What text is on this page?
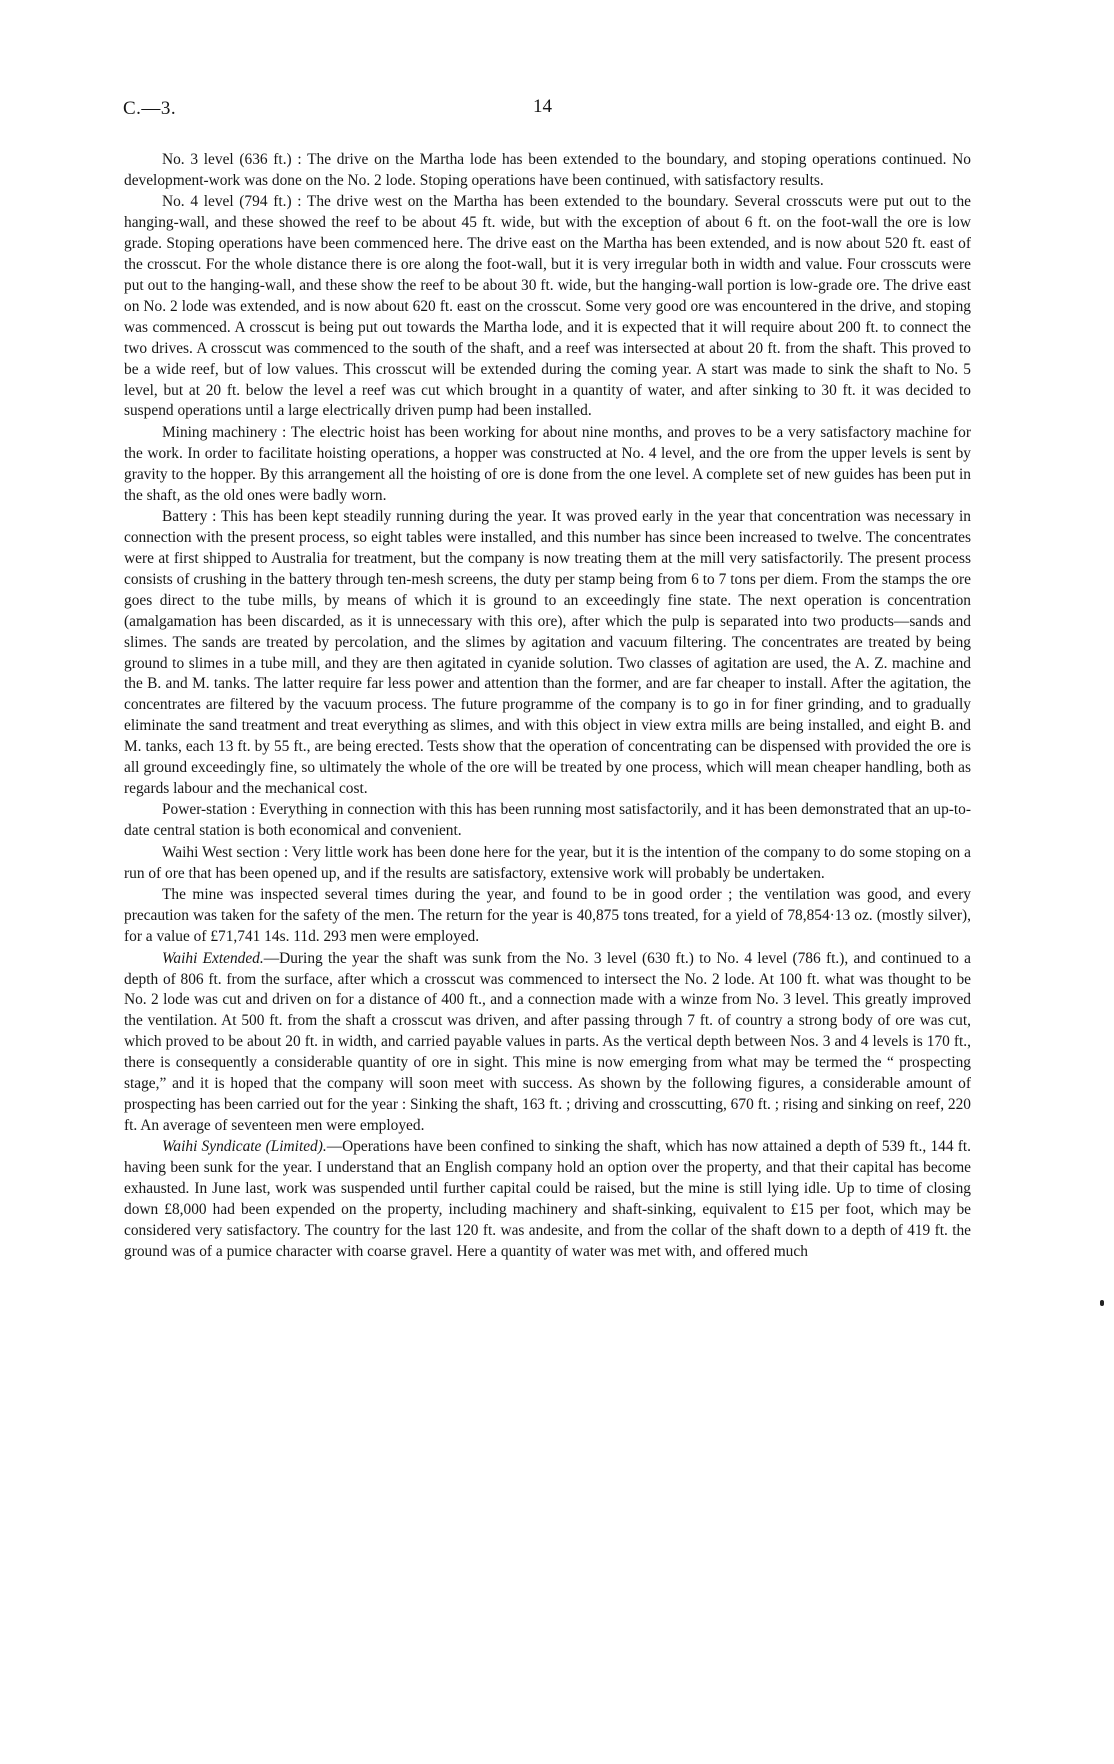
C.—3.	14

No. 3 level (636 ft.) : The drive on the Martha lode has been extended to the boundary, and stoping operations continued. No development-work was done on the No. 2 lode. Stoping operations have been continued, with satisfactory results.

No. 4 level (794 ft.) : The drive west on the Martha has been extended to the boundary. Several crosscuts were put out to the hanging-wall, and these showed the reef to be about 45 ft. wide, but with the exception of about 6 ft. on the foot-wall the ore is low grade. Stoping operations have been commenced here. The drive east on the Martha has been extended, and is now about 520 ft. east of the crosscut. For the whole distance there is ore along the foot-wall, but it is very irregular both in width and value. Four crosscuts were put out to the hanging-wall, and these show the reef to be about 30 ft. wide, but the hanging-wall portion is low-grade ore. The drive east on No. 2 lode was extended, and is now about 620 ft. east on the crosscut. Some very good ore was encountered in the drive, and stoping was commenced. A crosscut is being put out towards the Martha lode, and it is expected that it will require about 200 ft. to connect the two drives. A crosscut was commenced to the south of the shaft, and a reef was intersected at about 20 ft. from the shaft. This proved to be a wide reef, but of low values. This crosscut will be extended during the coming year. A start was made to sink the shaft to No. 5 level, but at 20 ft. below the level a reef was cut which brought in a quantity of water, and after sinking to 30 ft. it was decided to suspend operations until a large electrically driven pump had been installed.

Mining machinery : The electric hoist has been working for about nine months, and proves to be a very satisfactory machine for the work. In order to facilitate hoisting operations, a hopper was constructed at No. 4 level, and the ore from the upper levels is sent by gravity to the hopper. By this arrangement all the hoisting of ore is done from the one level. A complete set of new guides has been put in the shaft, as the old ones were badly worn.

Battery : This has been kept steadily running during the year. It was proved early in the year that concentration was necessary in connection with the present process, so eight tables were installed, and this number has since been increased to twelve. The concentrates were at first shipped to Australia for treatment, but the company is now treating them at the mill very satisfactorily. The present process consists of crushing in the battery through ten-mesh screens, the duty per stamp being from 6 to 7 tons per diem. From the stamps the ore goes direct to the tube mills, by means of which it is ground to an exceedingly fine state. The next operation is concentration (amalgamation has been discarded, as it is unnecessary with this ore), after which the pulp is separated into two products—sands and slimes. The sands are treated by percolation, and the slimes by agitation and vacuum filtering. The concentrates are treated by being ground to slimes in a tube mill, and they are then agitated in cyanide solution. Two classes of agitation are used, the A. Z. machine and the B. and M. tanks. The latter require far less power and attention than the former, and are far cheaper to install. After the agitation, the concentrates are filtered by the vacuum process. The future programme of the company is to go in for finer grinding, and to gradually eliminate the sand treatment and treat everything as slimes, and with this object in view extra mills are being installed, and eight B. and M. tanks, each 13 ft. by 55 ft., are being erected. Tests show that the operation of concentrating can be dispensed with provided the ore is all ground exceedingly fine, so ultimately the whole of the ore will be treated by one process, which will mean cheaper handling, both as regards labour and the mechanical cost.

Power-station : Everything in connection with this has been running most satisfactorily, and it has been demonstrated that an up-to-date central station is both economical and convenient.

Waihi West section : Very little work has been done here for the year, but it is the intention of the company to do some stoping on a run of ore that has been opened up, and if the results are satisfactory, extensive work will probably be undertaken.

The mine was inspected several times during the year, and found to be in good order ; the ventilation was good, and every precaution was taken for the safety of the men. The return for the year is 40,875 tons treated, for a yield of 78,854·13 oz. (mostly silver), for a value of £71,741 14s. 11d. 293 men were employed.

Waihi Extended.—During the year the shaft was sunk from the No. 3 level (630 ft.) to No. 4 level (786 ft.), and continued to a depth of 806 ft. from the surface, after which a crosscut was commenced to intersect the No. 2 lode. At 100 ft. what was thought to be No. 2 lode was cut and driven on for a distance of 400 ft., and a connection made with a winze from No. 3 level. This greatly improved the ventilation. At 500 ft. from the shaft a crosscut was driven, and after passing through 7 ft. of country a strong body of ore was cut, which proved to be about 20 ft. in width, and carried payable values in parts. As the vertical depth between Nos. 3 and 4 levels is 170 ft., there is consequently a considerable quantity of ore in sight. This mine is now emerging from what may be termed the “ prospecting stage,” and it is hoped that the company will soon meet with success. As shown by the following figures, a considerable amount of prospecting has been carried out for the year : Sinking the shaft, 163 ft. ; driving and crosscutting, 670 ft. ; rising and sinking on reef, 220 ft. An average of seventeen men were employed.

Waihi Syndicate (Limited).—Operations have been confined to sinking the shaft, which has now attained a depth of 539 ft., 144 ft. having been sunk for the year. I understand that an English company hold an option over the property, and that their capital has become exhausted. In June last, work was suspended until further capital could be raised, but the mine is still lying idle. Up to time of closing down £8,000 had been expended on the property, including machinery and shaft-sinking, equivalent to £15 per foot, which may be considered very satisfactory. The country for the last 120 ft. was andesite, and from the collar of the shaft down to a depth of 419 ft. the ground was of a pumice character with coarse gravel. Here a quantity of water was met with, and offered much
